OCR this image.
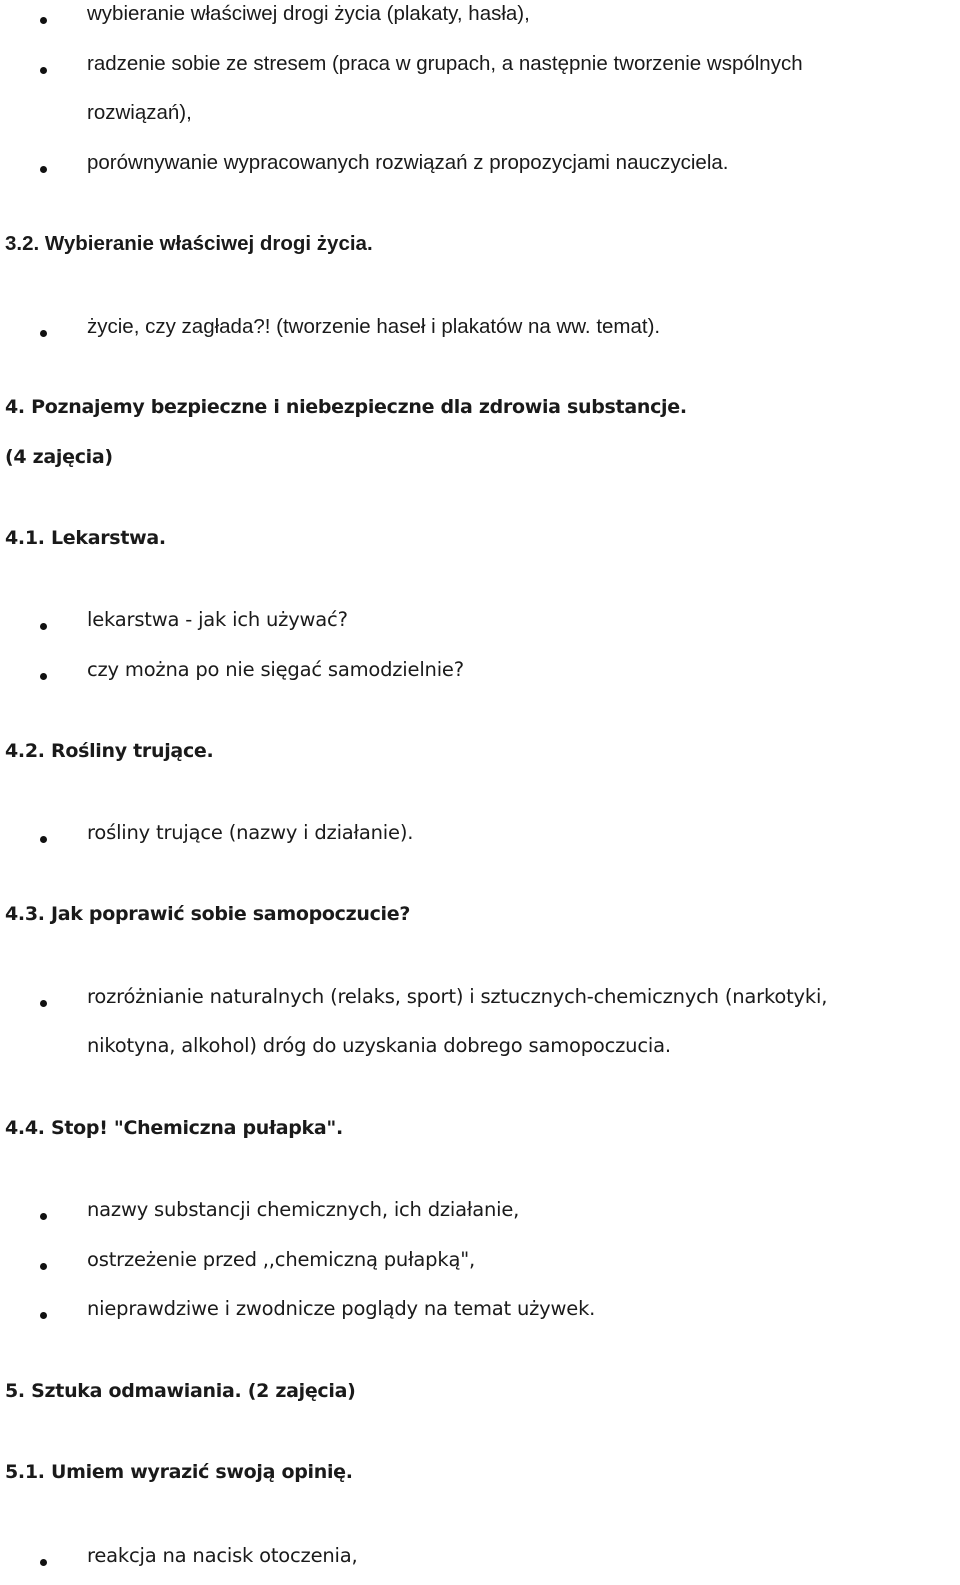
wybieranie właściwej drogi życia (plakaty, hasła),
radzenie sobie ze stresem (praca w grupach, a następnie tworzenie wspólnych
rozwiązań),
porównywanie wypracowanych rozwiązań z propozycjami nauczyciela.
3.2. Wybieranie właściwej drogi życia.
życie, czy zagłada?! (tworzenie haseł i plakatów na ww. temat).
4. Poznajemy bezpieczne i niebezpieczne dla zdrowia substancje.
(4 zajęcia)
4.1. Lekarstwa.
lekarstwa - jak ich używać?
czy można po nie sięgać samodzielnie?
4.2. Rośliny trujące.
rośliny trujące (nazwy i działanie).
4.3. Jak poprawić sobie samopoczucie?
rozróżnianie naturalnych (relaks, sport) i sztucznych-chemicznych (narkotyki,
nikotyna, alkohol) dróg do uzyskania dobrego samopoczucia.
4.4. Stop! "Chemiczna pułapka".
nazwy substancji chemicznych, ich działanie,
ostrzeżenie przed ,,chemiczną pułapką",
nieprawdziwe i zwodnicze poglądy na temat używek.
5. Sztuka odmawiania. (2 zajęcia)
5.1. Umiem wyrazić swoją opinię.
reakcja na nacisk otoczenia,
